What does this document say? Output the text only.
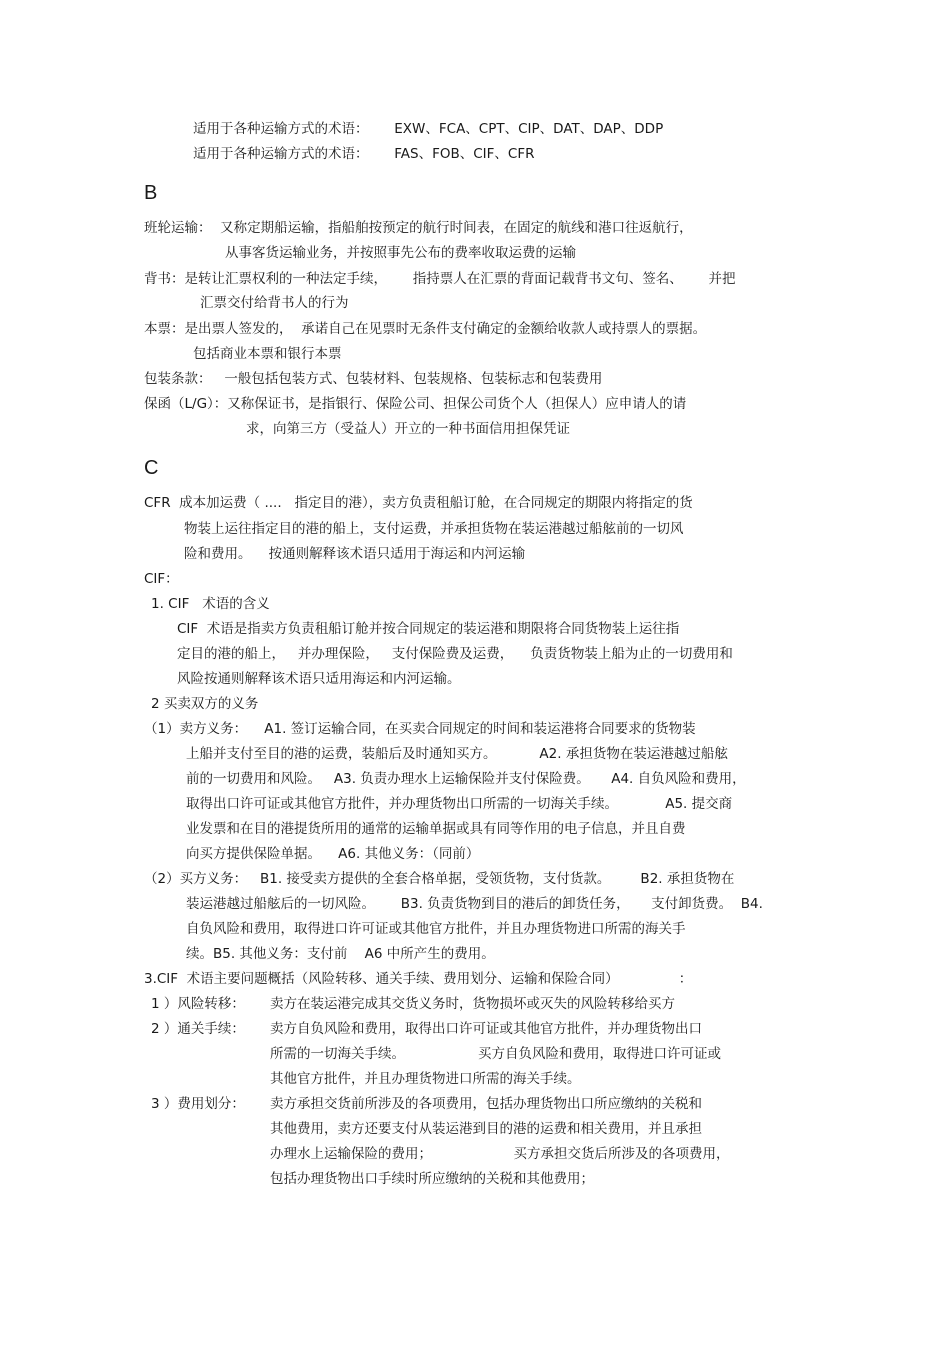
适用于各种运输方式的术语：      EXW、FCA、CPT、CIP、DAT、DAP、DDP
适用于各种运输方式的术语：      FAS、FOB、CIF、CFR
B
班轮运输：  又称定期船运输，指船舶按预定的航行时间表，在固定的航线和港口往返航行，
从事客货运输业务，并按照事先公布的费率收取运费的运输
背书：是转让汇票权利的一种法定手续，      指持票人在汇票的背面记载背书文句、签名、      并把
汇票交付给背书人的行为
本票：是出票人签发的，  承诺自己在见票时无条件支付确定的金额给收款人或持票人的票据。
包括商业本票和银行本票
包装条款：   一般包括包装方式、包装材料、包装规格、包装标志和包装费用
保函（L/G）：又称保证书，是指银行、保险公司、担保公司货个人（担保人）应申请人的请
求，向第三方（受益人）开立的一种书面信用担保凭证
C
CFR  成本加运费（ ....   指定目的港），卖方负责租船订舱，在合同规定的期限内将指定的货
物装上运往指定目的港的船上，支付运费，并承担货物在装运港越过船舷前的一切风
险和费用。    按通则解释该术语只适用于海运和内河运输
CIF：
1. CIF   术语的含义
CIF  术语是指卖方负责租船订舱并按合同规定的装运港和期限将合同货物装上运往指
定目的港的船上，   并办理保险，   支付保险费及运费，    负责货物装上船为止的一切费用和
风险按通则解释该术语只适用海运和内河运输。
2 买卖双方的义务
（1）卖方义务：    A1. 签订运输合同，在买卖合同规定的时间和装运港将合同要求的货物装
上船并支付至目的港的运费，装船后及时通知买方。          A2. 承担货物在装运港越过船舷
前的一切费用和风险。   A3. 负责办理水上运输保险并支付保险费。     A4. 自负风险和费用，
取得出口许可证或其他官方批件，并办理货物出口所需的一切海关手续。           A5. 提交商
业发票和在目的港提货所用的通常的运输单据或具有同等作用的电子信息，并且自费
向买方提供保险单据。    A6. 其他义务：（同前）
（2）买方义务：   B1. 接受卖方提供的全套合格单据，受领货物，支付货款。       B2. 承担货物在
装运港越过船舷后的一切风险。      B3. 负责货物到目的港后的卸货任务，     支付卸货费。  B4.
自负风险和费用，取得进口许可证或其他官方批件，并且办理货物进口所需的海关手
续。B5. 其他义务：支付前    A6 中所产生的费用。
3.CIF  术语主要问题概括（风险转移、通关手续、费用划分、运输和保险合同）              ：
1 ）风险转移： 卖方在装运港完成其交货义务时，货物损坏或灭失的风险转移给买方
2 ）通关手续： 卖方自负风险和费用，取得出口许可证或其他官方批件，并办理货物出口
所需的一切海关手续。                 买方自负风险和费用，取得进口许可证或
其他官方批件，并且办理货物进口所需的海关手续。
3 ）费用划分： 卖方承担交货前所涉及的各项费用，包括办理货物出口所应缴纳的关税和
其他费用，卖方还要支付从装运港到目的港的运费和相关费用，并且承担
办理水上运输保险的费用；                   买方承担交货后所涉及的各项费用，
包括办理货物出口手续时所应缴纳的关税和其他费用；
